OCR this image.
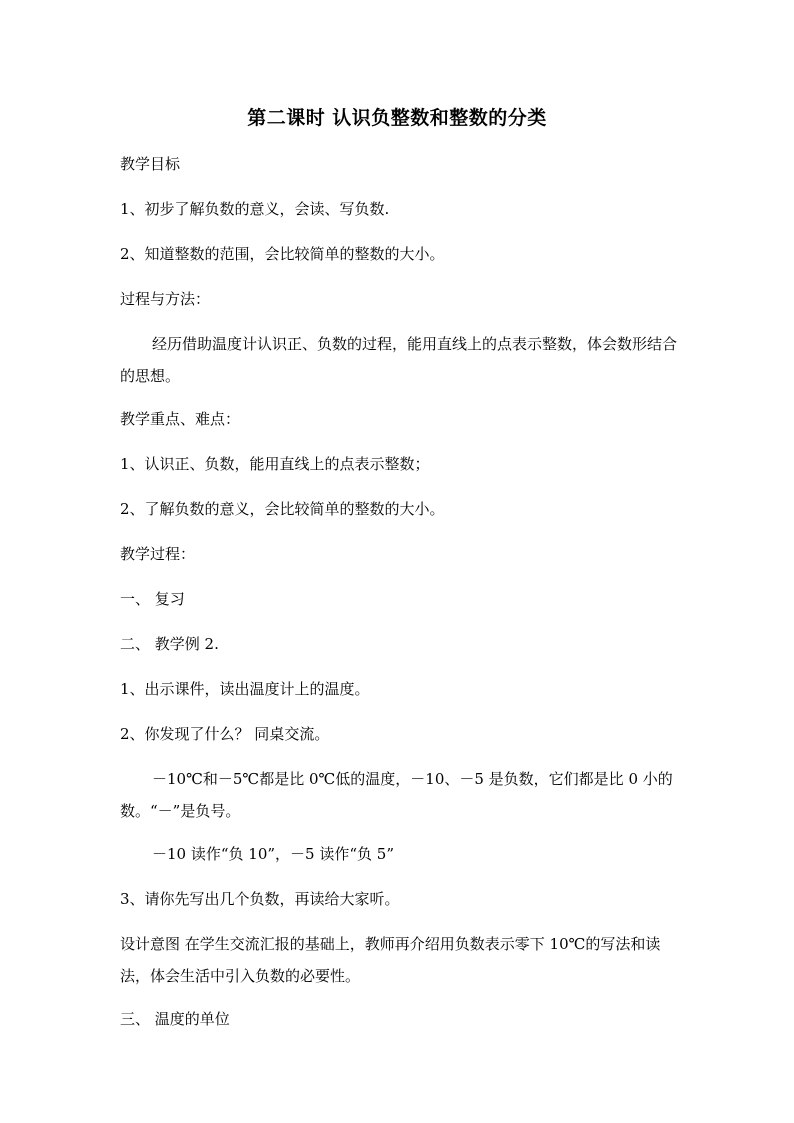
第二课时 认识负整数和整数的分类
教学目标
1、初步了解负数的意义，会读、写负数.
2、知道整数的范围，会比较简单的整数的大小。
过程与方法：
经历借助温度计认识正、负数的过程，能用直线上的点表示整数，体会数形结合的思想。
教学重点、难点：
1、认识正、负数，能用直线上的点表示整数；
2、了解负数的意义，会比较简单的整数的大小。
教学过程：
一、 复习
二、 教学例 2.
1、出示课件，读出温度计上的温度。
2、你发现了什么？ 同桌交流。
－10℃和－5℃都是比 0℃低的温度，－10、－5 是负数，它们都是比 0 小的数。“－”是负号。
－10 读作“负 10”，－5 读作“负 5”
3、请你先写出几个负数，再读给大家听。
设计意图 在学生交流汇报的基础上，教师再介绍用负数表示零下 10℃的写法和读法，体会生活中引入负数的必要性。
三、 温度的单位
